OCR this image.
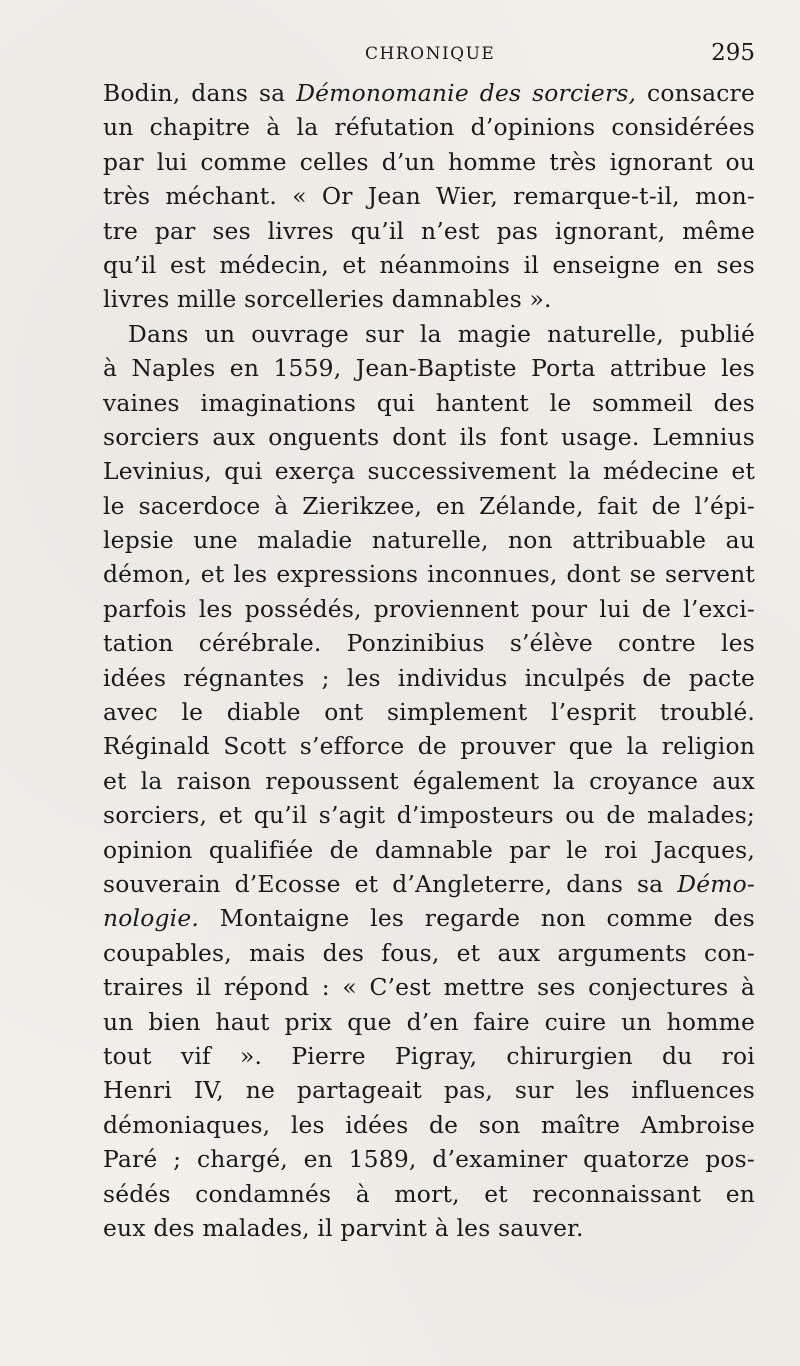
CHRONIQUE	295
Bodin, dans sa Démonomanie des sorciers, consacre
un chapitre à la réfutation d’opinions considérées
par lui comme celles d’un homme très ignorant ou
très méchant. « Or Jean Wier, remarque-t-il, mon-
tre par ses livres qu’il n’est pas ignorant, même
qu’il est médecin, et néanmoins il enseigne en ses
livres mille sorcelleries damnables ».
Dans un ouvrage sur la magie naturelle, publié
à Naples en 1559, Jean-Baptiste Porta attribue les
vaines imaginations qui hantent le sommeil des
sorciers aux onguents dont ils font usage. Lemnius
Levinius, qui exerça successivement la médecine et
le sacerdoce à Zierikzee, en Zélande, fait de l’épi-
lepsie une maladie naturelle, non attribuable au
démon, et les expressions inconnues, dont se servent
parfois les possédés, proviennent pour lui de l’exci-
tation cérébrale. Ponzinibius s’élève contre les
idées régnantes ; les individus inculpés de pacte
avec le diable ont simplement l’esprit troublé.
Réginald Scott s’efforce de prouver que la religion
et la raison repoussent également la croyance aux
sorciers, et qu’il s’agit d’imposteurs ou de malades;
opinion qualifiée de damnable par le roi Jacques,
souverain d’Ecosse et d’Angleterre, dans sa Démo-
nologie. Montaigne les regarde non comme des
coupables, mais des fous, et aux arguments con-
traires il répond : « C’est mettre ses conjectures à
un bien haut prix que d’en faire cuire un homme
tout vif ». Pierre Pigray, chirurgien du roi
Henri IV, ne partageait pas, sur les influences
démoniaques, les idées de son maître Ambroise
Paré ; chargé, en 1589, d’examiner quatorze pos-
sédés condamnés à mort, et reconnaissant en
eux des malades, il parvint à les sauver.
